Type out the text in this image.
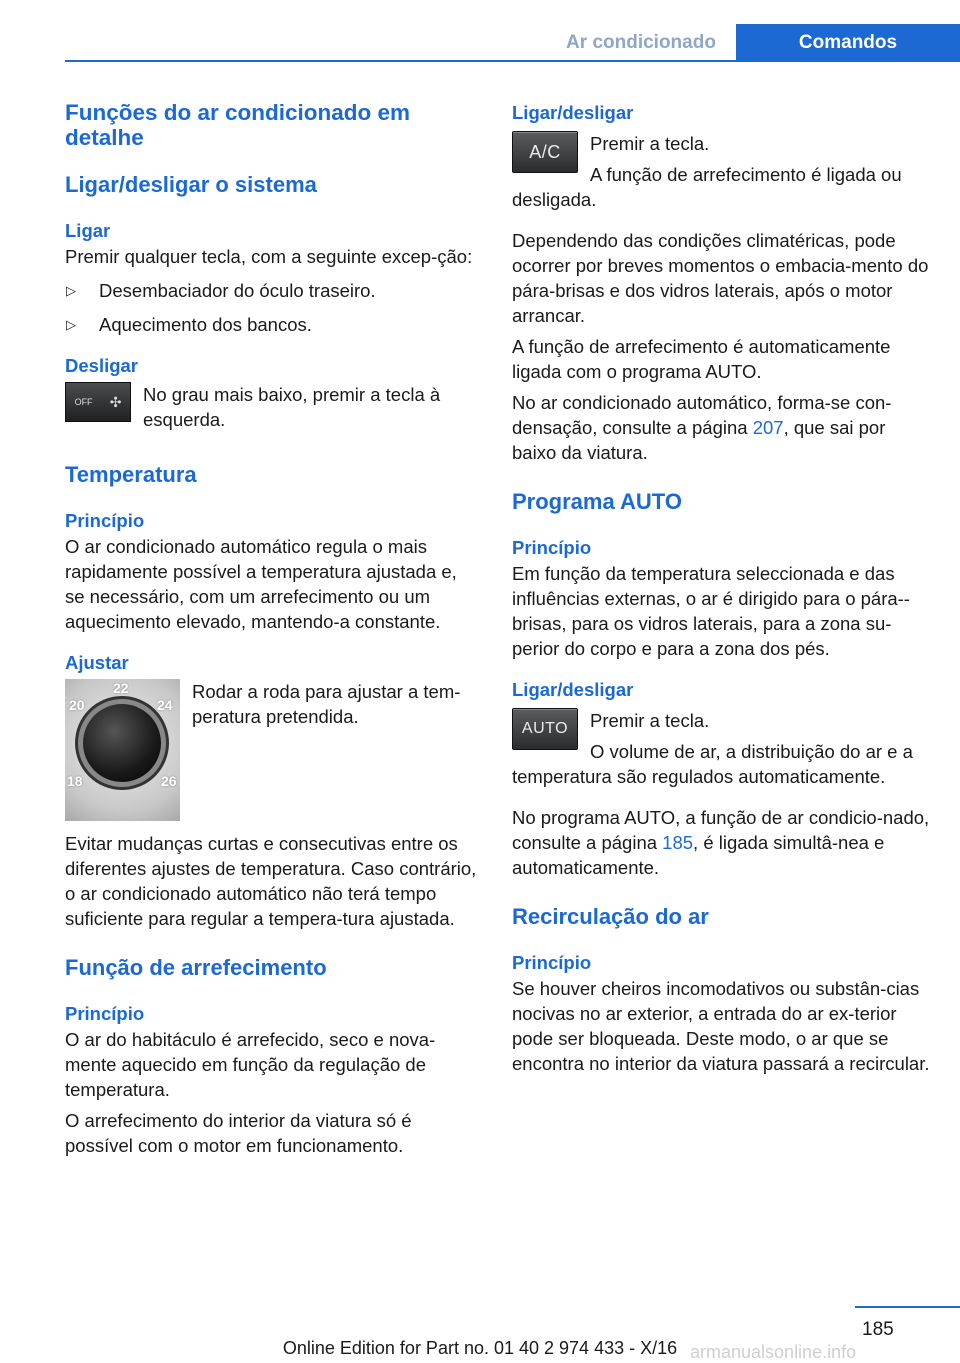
Ar condicionado	Comandos
Funções do ar condicionado em detalhe
Ligar/desligar o sistema
Ligar

Premir qualquer tecla, com a seguinte excep-ção:

▷ Desembaciador do óculo traseiro.
▷ Aquecimento dos bancos.
Desligar
OFF ✣	No grau mais baixo, premir a tecla à esquerda.

Temperatura
Princípio

O ar condicionado automático regula o mais rapidamente possível a temperatura ajustada e, se necessário, com um arrefecimento ou um aquecimento elevado, mantendo-a constante.

Ajustar
22
20	24
18	26

Rodar a roda para ajustar a tem-peratura pretendida.

Evitar mudanças curtas e consecutivas entre os diferentes ajustes de temperatura. Caso contrário, o ar condicionado automático não terá tempo suficiente para regular a tempera-tura ajustada.

Função de arrefecimento
Princípio

O ar do habitáculo é arrefecido, seco e nova-mente aquecido em função da regulação de temperatura.

O arrefecimento do interior da viatura só é possível com o motor em funcionamento.

Ligar/desligar
A/C	Premir a tecla.

A função de arrefecimento é ligada ou desligada.

Dependendo das condições climatéricas, pode ocorrer por breves momentos o embacia-mento do pára-brisas e dos vidros laterais, após o motor arrancar.

A função de arrefecimento é automaticamente ligada com o programa AUTO.

No ar condicionado automático, forma-se con-densação, consulte a página 207, que sai por baixo da viatura.

Programa AUTO
Princípio

Em função da temperatura seleccionada e das influências externas, o ar é dirigido para o pára--brisas, para os vidros laterais, para a zona su-perior do corpo e para a zona dos pés.

Ligar/desligar
AUTO	Premir a tecla.

O volume de ar, a distribuição do ar e a temperatura são regulados automaticamente.

No programa AUTO, a função de ar condicio-nado, consulte a página 185, é ligada simultâ-nea e automaticamente.

Recirculação do ar
Princípio

Se houver cheiros incomodativos ou substân-cias nocivas no ar exterior, a entrada do ar ex-terior pode ser bloqueada. Deste modo, o ar que se encontra no interior da viatura passará a recircular.

185
Online Edition for Part no. 01 40 2 974 433 - X/16 armanualsonline.info
